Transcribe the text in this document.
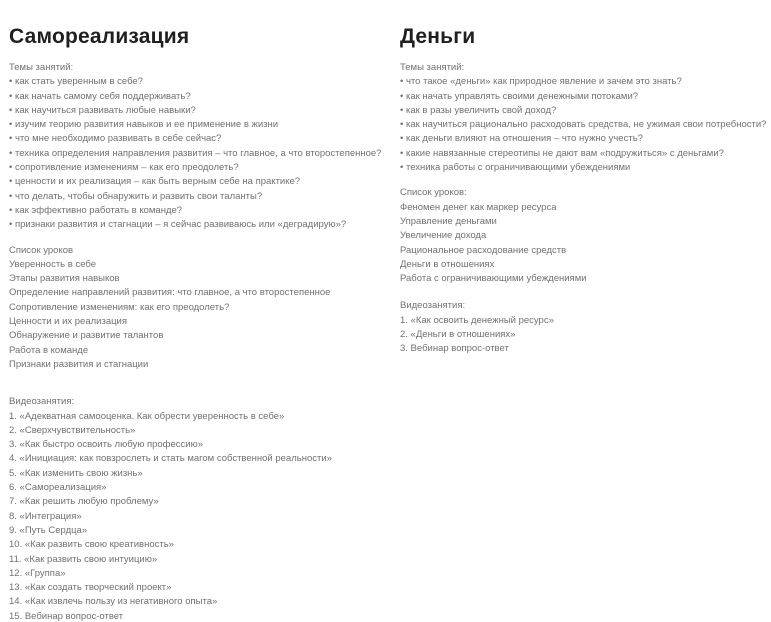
Самореализация
Темы занятий:
• как стать уверенным в себе?
• как начать самому себя поддерживать?
• как научиться развивать любые навыки?
• изучим теорию развития навыков и ее применение в жизни
• что мне необходимо развивать в себе сейчас?
• техника определения направления развития – что главное, а что второстепенное?
• сопротивление изменениям – как его преодолеть?
• ценности и их реализация – как быть верным себе на практике?
• что делать, чтобы обнаружить и развить свои таланты?
• как эффективно работать в команде?
• признаки развития и стагнации – я сейчас развиваюсь или «деградирую»?
Список уроков
Уверенность в себе
Этапы развития навыков
Определение направлений развития: что главное, а что второстепенное
Сопротивление изменениям: как его преодолеть?
Ценности и их реализация
Обнаружение и развитие талантов
Работа в команде
Признаки развития и стагнации
Видеозанятия:
1. «Адекватная самооценка. Как обрести уверенность в себе»
2. «Сверхчувствительность»
3. «Как быстро освоить любую профессию»
4. «Инициация: как повзрослеть и стать магом собственной реальности»
5. «Как изменить свою жизнь»
6. «Самореализация»
7. «Как решить любую проблему»
8. «Интеграция»
9. «Путь Сердца»
10. «Как развить свою креативность»
11. «Как развить свою интуицию»
12. «Группа»
13. «Как создать творческий проект»
14. «Как извлечь пользу из негативного опыта»
15. Вебинар вопрос-ответ
Деньги
Темы занятий:
• что такое «деньги» как природное явление и зачем это знать?
• как начать управлять своими денежными потоками?
• как в разы увеличить свой доход?
• как научиться рационально расходовать средства, не ужимая свои потребности?
• как деньги влияют на отношения – что нужно учесть?
• какие навязанные стереотипы не дают вам «подружиться» с деньгами?
• техника работы с ограничивающими убеждениями
Список уроков:
Феномен денег как маркер ресурса
Управление деньгами
Увеличение дохода
Рациональное расходование средств
Деньги в отношениях
Работа с ограничивающими убеждениями
Видеозанятия:
1. «Как освоить денежный ресурс»
2. «Деньги в отношениях»
3. Вебинар вопрос-ответ
